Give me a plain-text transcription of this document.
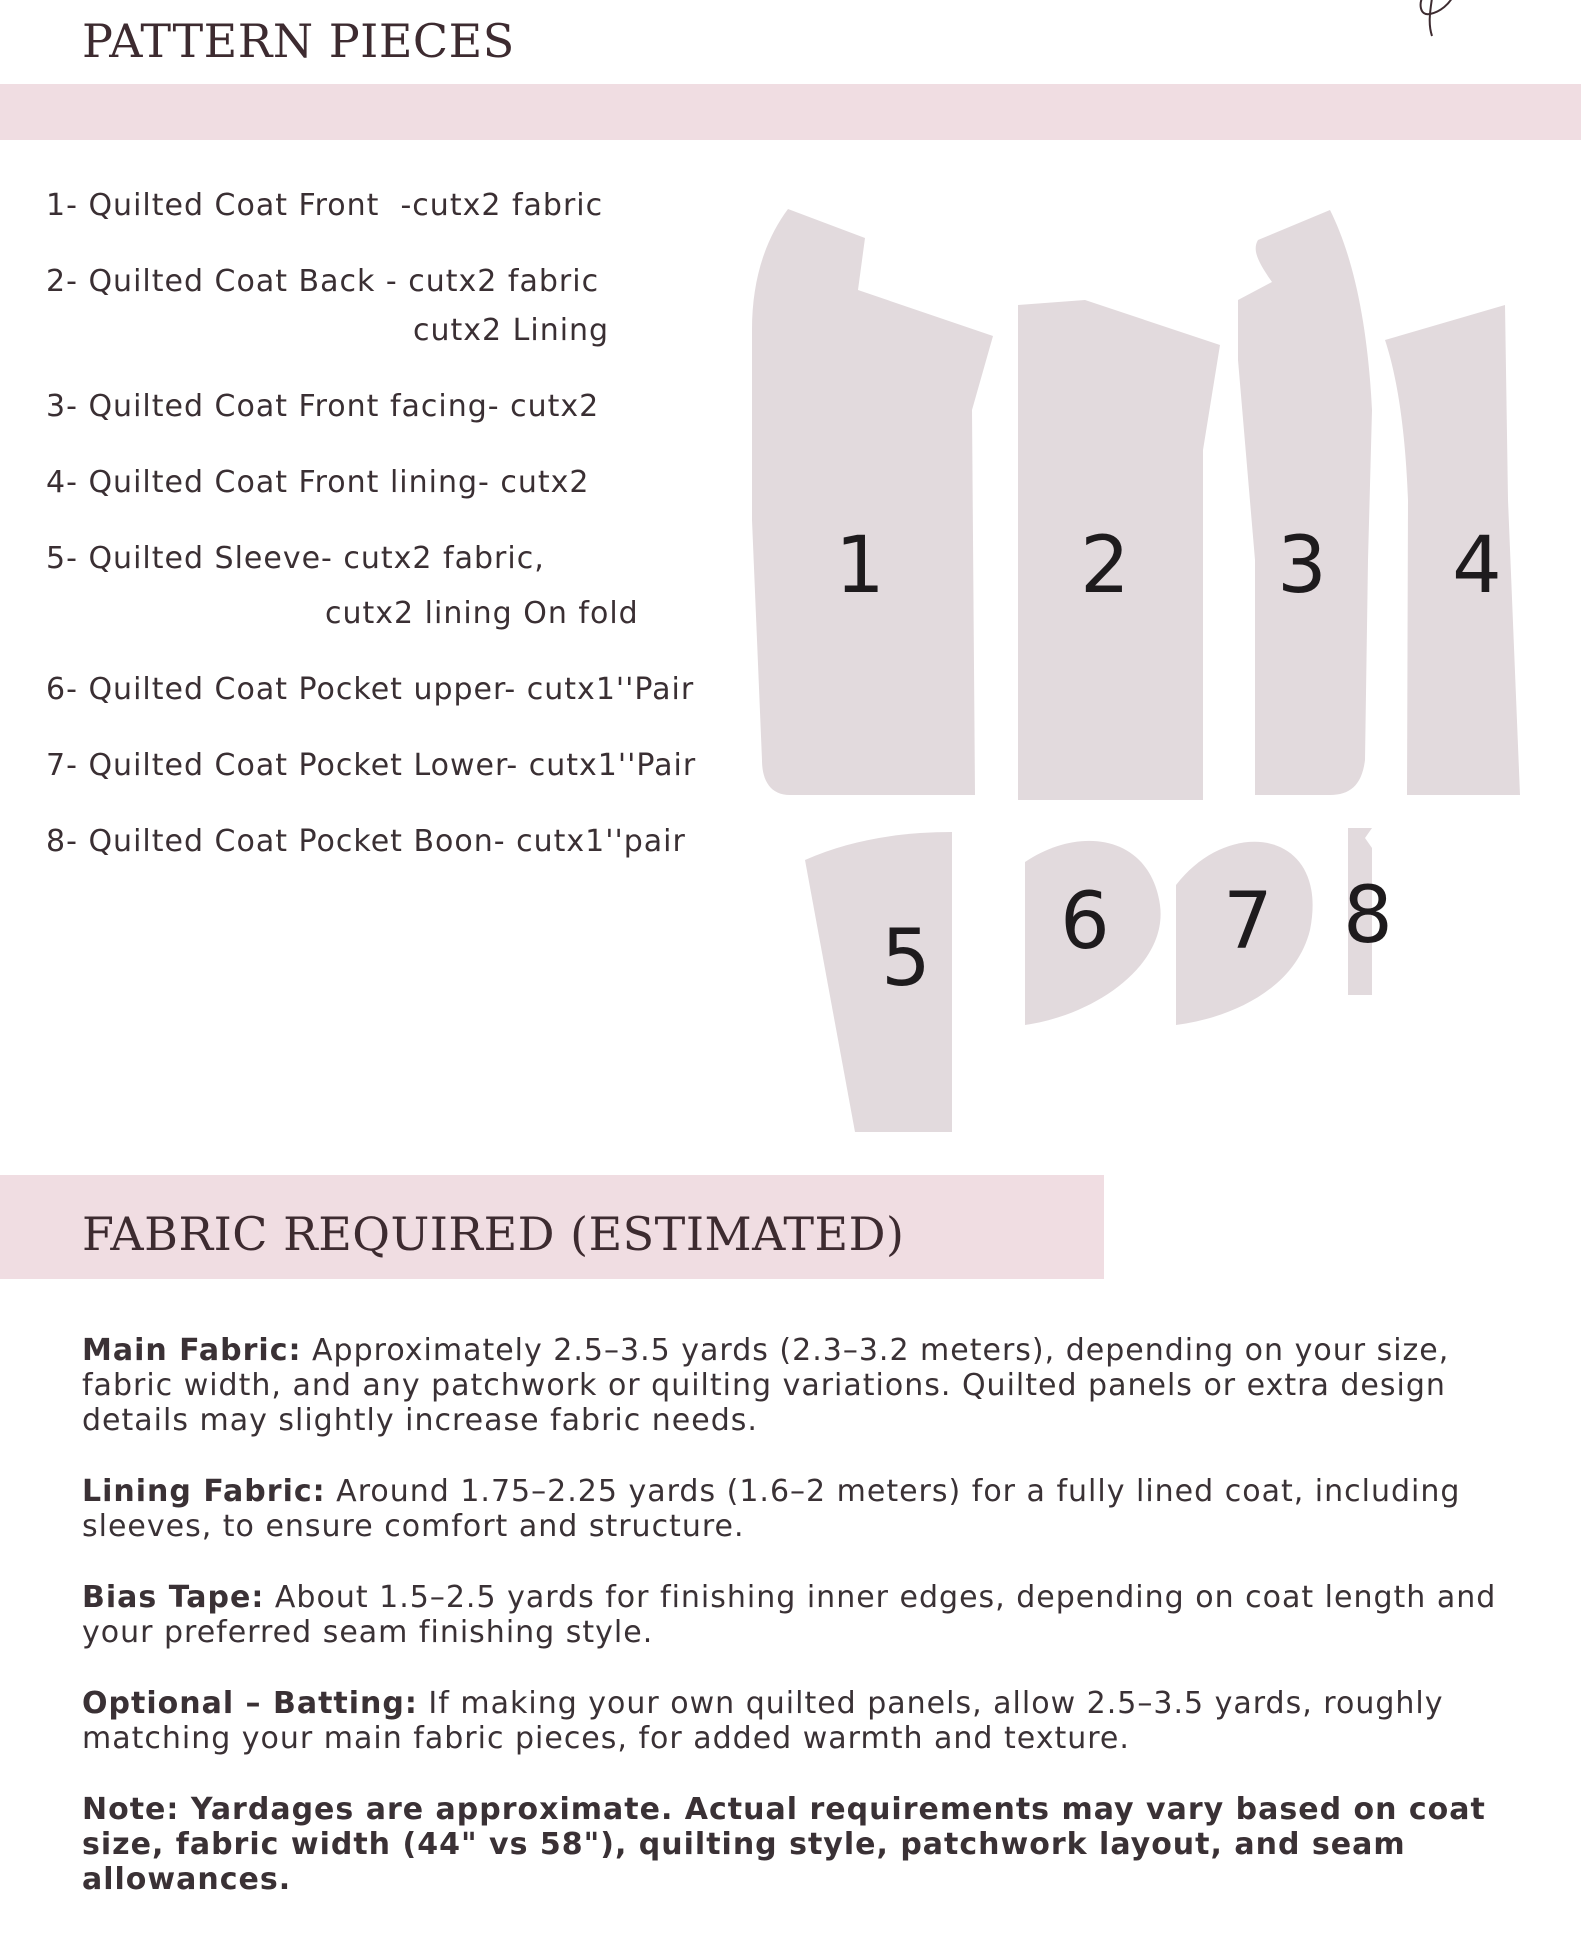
PATTERN PIECES
1- Quilted Coat Front  -cutx2 fabric
2- Quilted Coat Back - cutx2 fabric
cutx2 Lining
3- Quilted Coat Front facing- cutx2
4- Quilted Coat Front lining- cutx2
5- Quilted Sleeve- cutx2 fabric,
cutx2 lining On fold
6- Quilted Coat Pocket upper- cutx1''Pair
7- Quilted Coat Pocket Lower- cutx1''Pair
8- Quilted Coat Pocket Boon- cutx1''pair
1	2 3 4
5 6 7 8
FABRIC REQUIRED (ESTIMATED)

Main Fabric: Approximately 2.5–3.5 yards (2.3–3.2 meters), depending on your size, fabric width, and any patchwork or quilting variations. Quilted panels or extra design details may slightly increase fabric needs.

Lining Fabric: Around 1.75–2.25 yards (1.6–2 meters) for a fully lined coat, including sleeves, to ensure comfort and structure.

Bias Tape: About 1.5–2.5 yards for finishing inner edges, depending on coat length and your preferred seam finishing style.

Optional – Batting: If making your own quilted panels, allow 2.5–3.5 yards, roughly matching your main fabric pieces, for added warmth and texture.

Note: Yardages are approximate. Actual requirements may vary based on coat size, fabric width (44" vs 58"), quilting style, patchwork layout, and seam allowances.
